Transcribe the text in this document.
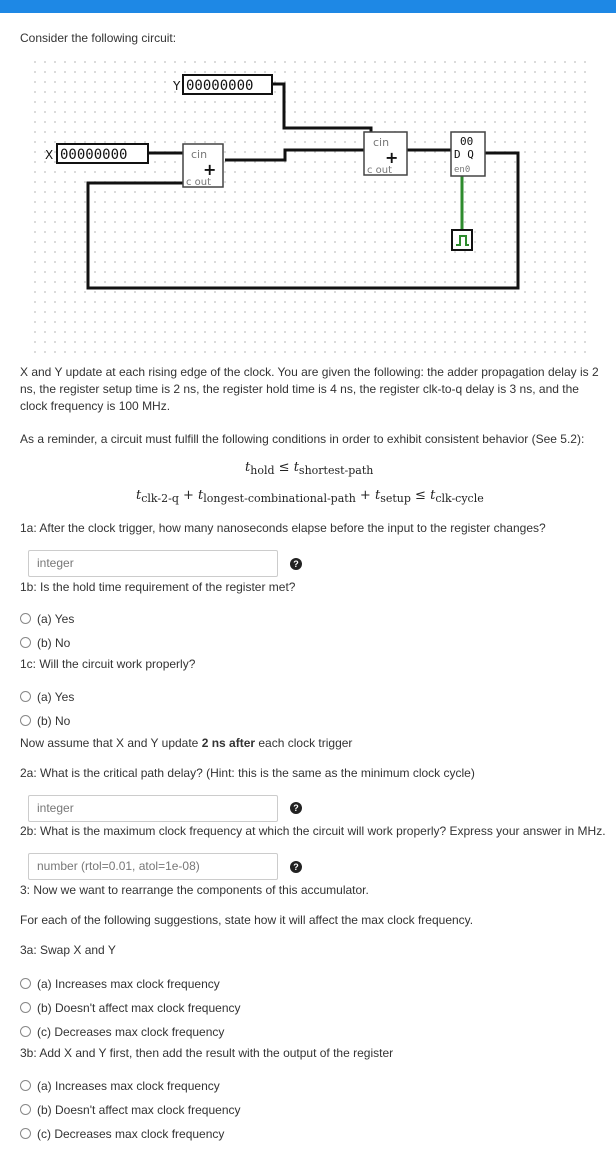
Consider the following circuit:

Y 00000000
X 00000000	cin
+
c out
cin
+
c out
00
D Q
en0

X and Y update at each rising edge of the clock. You are given the following: the adder propagation delay is 2 ns, the register setup time is 2 ns, the register hold time is 4 ns, the register clk-to-q delay is 3 ns, and the clock frequency is 100 MHz.

As a reminder, a circuit must fulfill the following conditions in order to exhibit consistent behavior (See 5.2):

$t_{hold} \le t_{shortest-path}$
$t_{clk-2-q} + t_{longest-combinational-path} + t_{setup} \le t_{clk-cycle}$

1a: After the clock trigger, how many nanoseconds elapse before the input to the register changes?

integer	?

1b: Is the hold time requirement of the register met?

(a) Yes
(b) No

1c: Will the circuit work properly?

(a) Yes
(b) No

Now assume that X and Y update 2 ns after each clock trigger

2a: What is the critical path delay? (Hint: this is the same as the minimum clock cycle)

integer	?

2b: What is the maximum clock frequency at which the circuit will work properly? Express your answer in MHz.

number (rtol=0.01, atol=1e-08)	?

3: Now we want to rearrange the components of this accumulator.

For each of the following suggestions, state how it will affect the max clock frequency.

3a: Swap X and Y

(a) Increases max clock frequency
(b) Doesn't affect max clock frequency
(c) Decreases max clock frequency

3b: Add X and Y first, then add the result with the output of the register

(a) Increases max clock frequency
(b) Doesn't affect max clock frequency
(c) Decreases max clock frequency
